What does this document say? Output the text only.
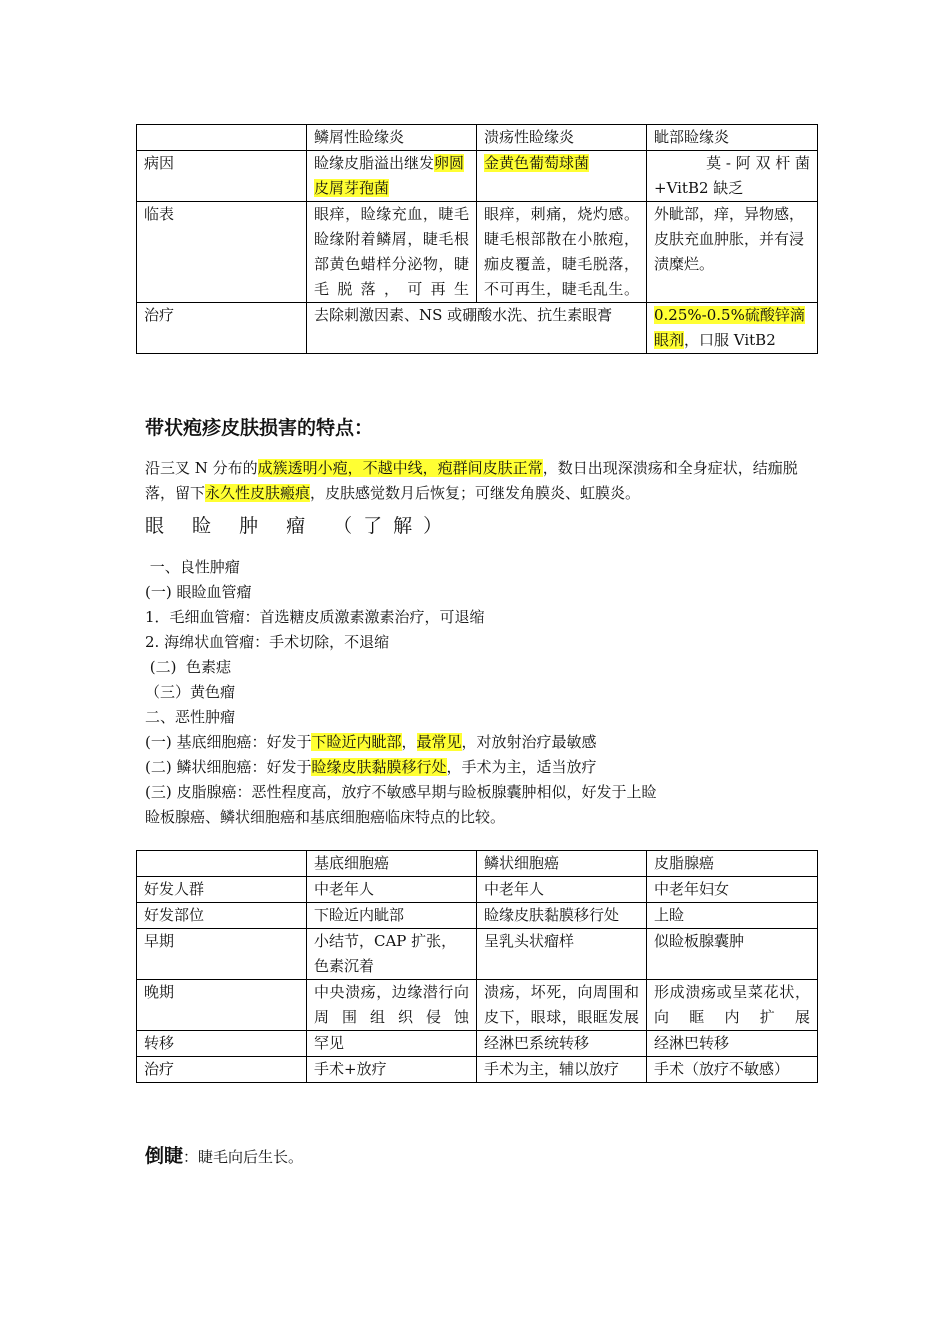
	鳞屑性睑缘炎	溃疡性睑缘炎	眦部睑缘炎
病因	睑缘皮脂溢出继发卵圆皮屑芽孢菌	金黄色葡萄球菌	莫 - 阿 双 杆 菌
+VitB2 缺乏

临表	眼痒，睑缘充血，睫毛睑缘附着鳞屑，睫毛根部黄色蜡样分泌物，睫毛脱落，可再生	眼痒，刺痛，烧灼感。睫毛根部散在小脓疱，痂皮覆盖，睫毛脱落，不可再生，睫毛乱生。	外眦部，痒，异物感，皮肤充血肿胀，并有浸渍糜烂。
治疗	去除刺激因素、NS 或硼酸水洗、抗生素眼膏		0.25%-0.5%硫酸锌滴眼剂，口服 VitB2
带状疱疹皮肤损害的特点：
沿三叉 N 分布的成簇透明小疱，不越中线，疱群间皮肤正常，数日出现深溃疡和全身症状，结痂脱落，留下永久性皮肤瘢痕，皮肤感觉数月后恢复；可继发角膜炎、虹膜炎。
眼 睑 肿 瘤 （了解）
一、良性肿瘤
(一) 眼睑血管瘤
1．毛细血管瘤：首选糖皮质激素激素治疗，可退缩
2. 海绵状血管瘤：手术切除，不退缩
(二)  色素痣
（三）黄色瘤
二、恶性肿瘤
(一) 基底细胞癌：好发于下睑近内眦部，最常见，对放射治疗最敏感
(二) 鳞状细胞癌：好发于睑缘皮肤黏膜移行处，手术为主，适当放疗
(三) 皮脂腺癌：恶性程度高，放疗不敏感早期与睑板腺囊肿相似，好发于上睑
睑板腺癌、鳞状细胞癌和基底细胞癌临床特点的比较。
	基底细胞癌	鳞状细胞癌	皮脂腺癌
好发人群	中老年人	中老年人	中老年妇女
好发部位	下睑近内眦部	睑缘皮肤黏膜移行处	上睑
早期	小结节，CAP 扩张，色素沉着	呈乳头状瘤样	似睑板腺囊肿
晚期	中央溃疡，边缘潜行向周围组织侵蚀	溃疡，坏死，向周围和皮下，眼球，眼眶发展	形成溃疡或呈菜花状，向眶内扩展
转移	罕见	经淋巴系统转移	经淋巴转移
治疗	手术+放疗	手术为主，辅以放疗	手术（放疗不敏感）
倒睫：睫毛向后生长。
